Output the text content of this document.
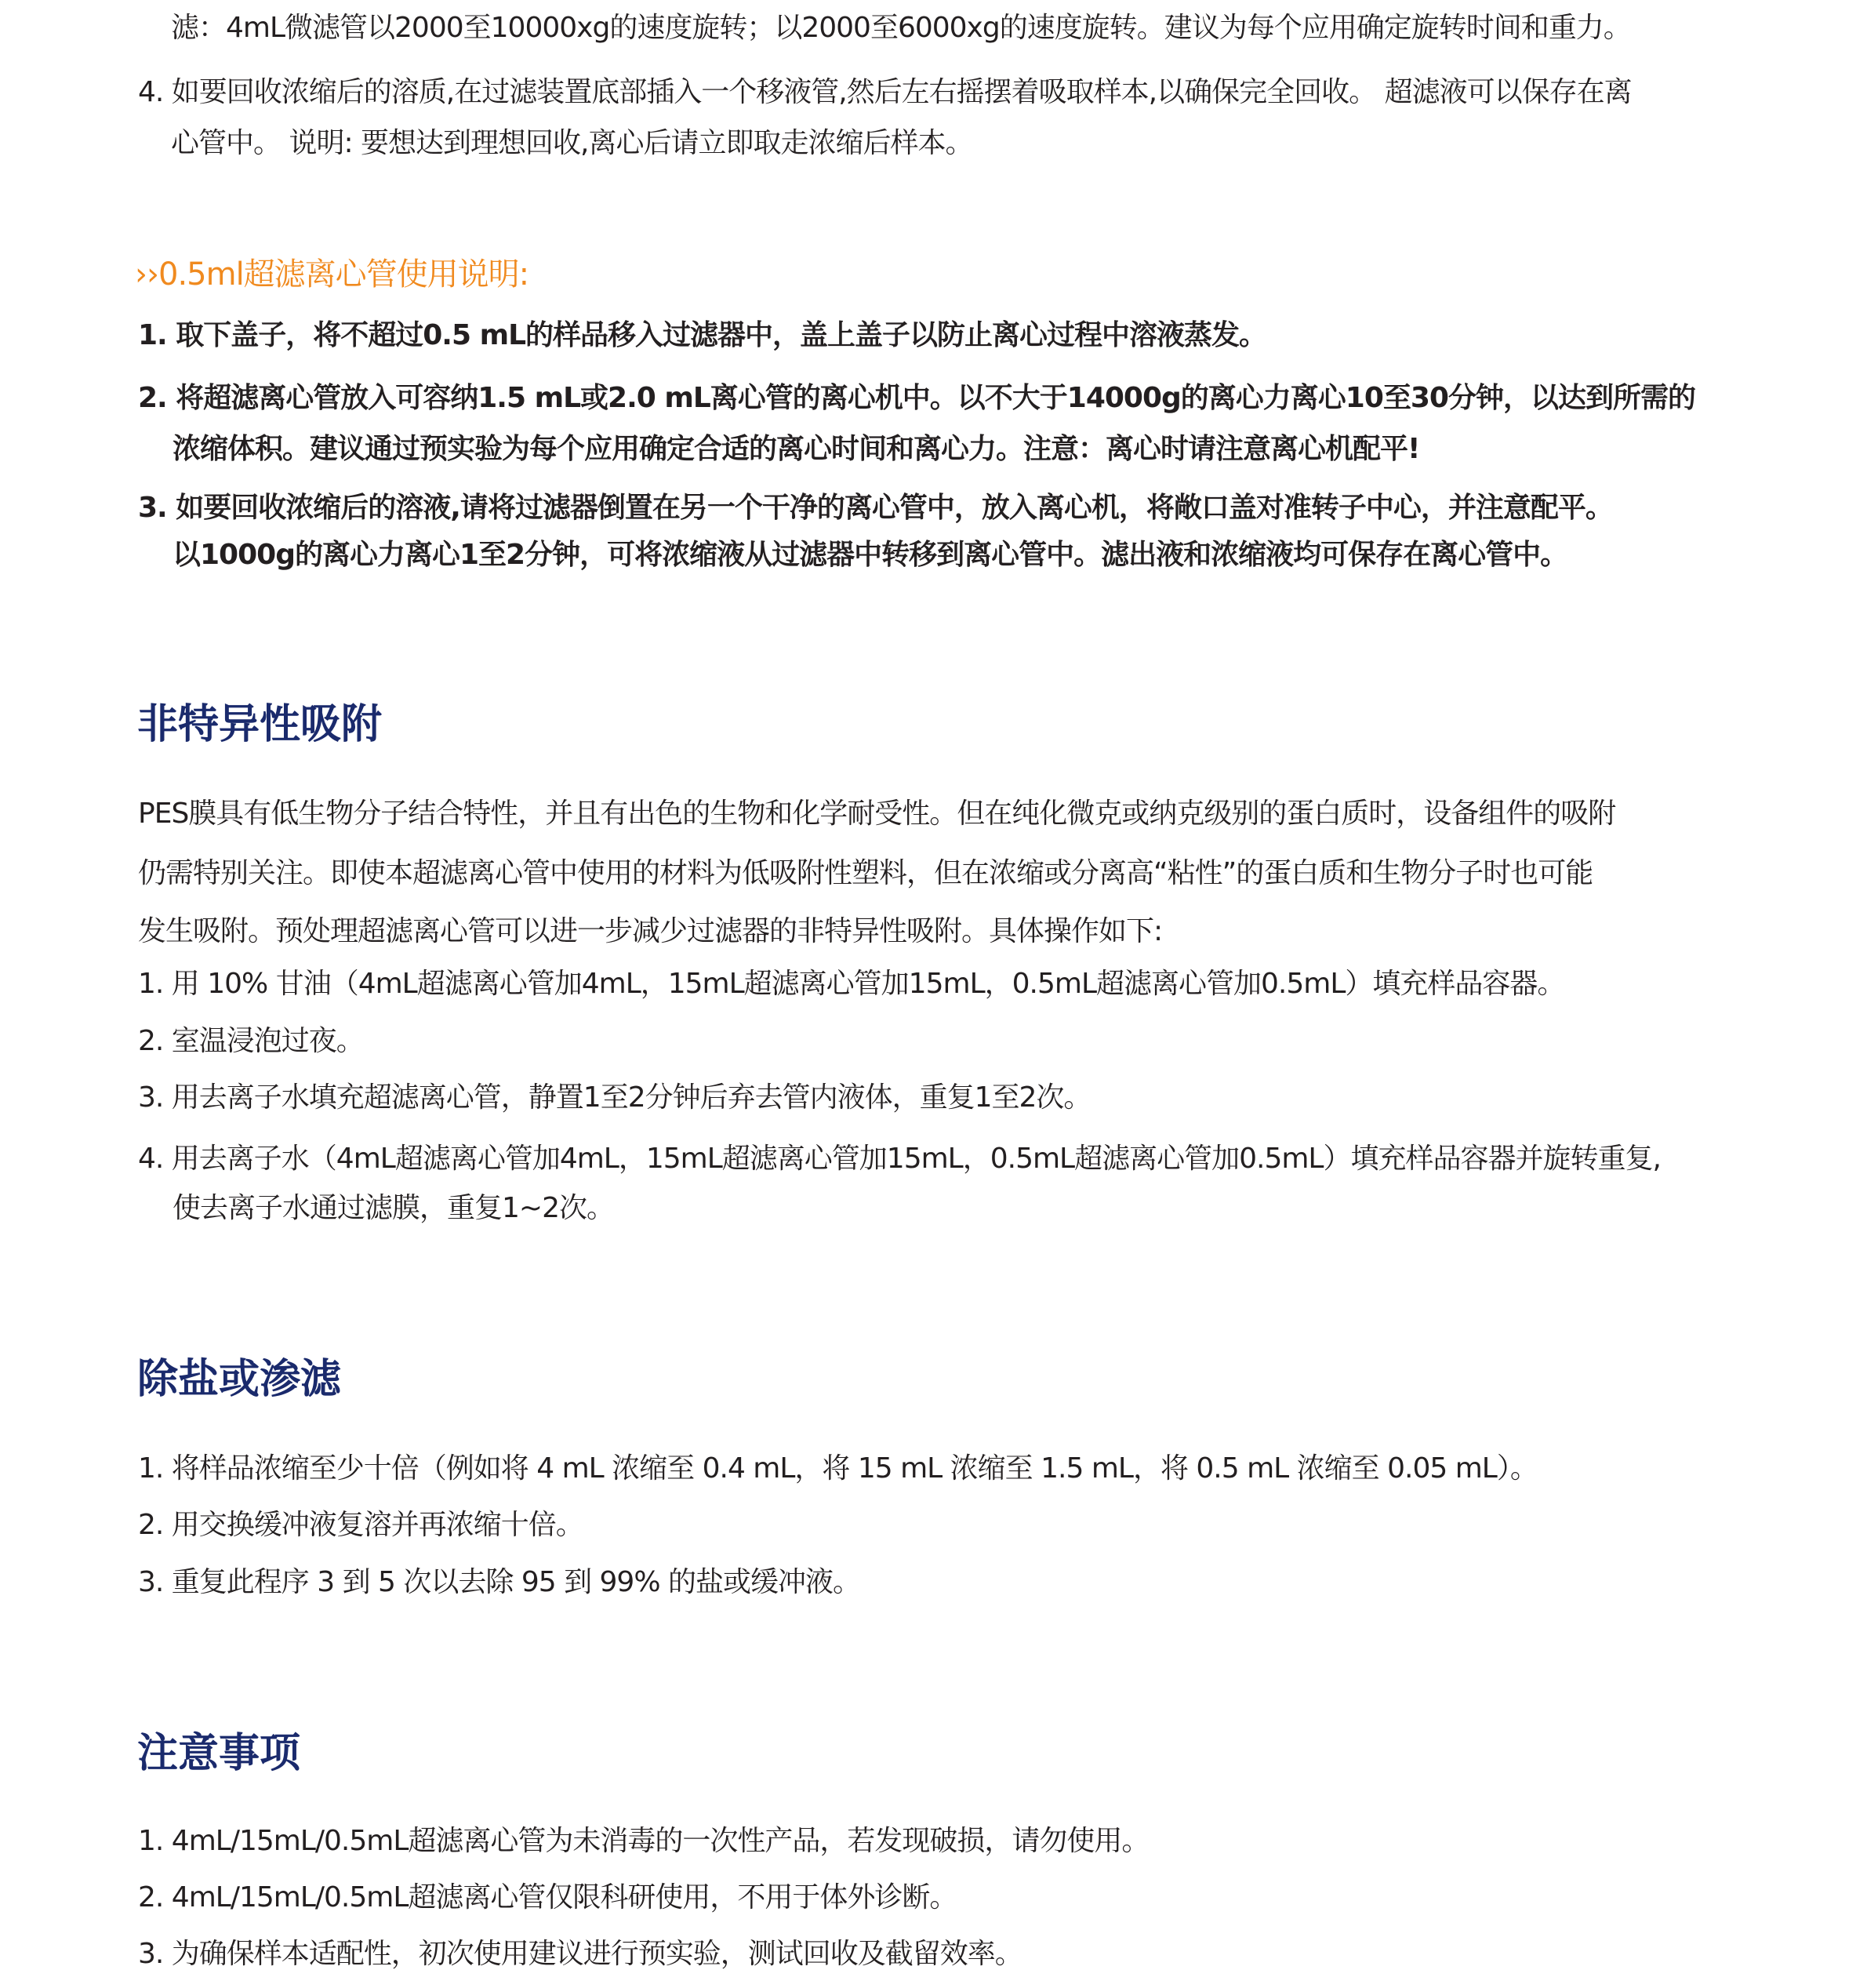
滤：4mL微滤管以2000至10000xg的速度旋转；以2000至6000xg的速度旋转。建议为每个应用确定旋转时间和重力。
4. 如要回收浓缩后的溶质,在过滤装置底部插入一个移液管,然后左右摇摆着吸取样本,以确保完全回收。 超滤液可以保存在离
心管中。 说明: 要想达到理想回收,离心后请立即取走浓缩后样本。
››0.5ml超滤离心管使用说明:
1. 取下盖子，将不超过0.5 mL的样品移入过滤器中，盖上盖子以防止离心过程中溶液蒸发。
2. 将超滤离心管放入可容纳1.5 mL或2.0 mL离心管的离心机中。以不大于14000g的离心力离心10至30分钟，以达到所需的
浓缩体积。建议通过预实验为每个应用确定合适的离心时间和离心力。注意：离心时请注意离心机配平!
3. 如要回收浓缩后的溶液,请将过滤器倒置在另一个干净的离心管中，放入离心机，将敞口盖对准转子中心，并注意配平。
以1000g的离心力离心1至2分钟，可将浓缩液从过滤器中转移到离心管中。滤出液和浓缩液均可保存在离心管中。
非特异性吸附
PES膜具有低生物分子结合特性，并且有出色的生物和化学耐受性。但在纯化微克或纳克级别的蛋白质时，设备组件的吸附
仍需特别关注。即使本超滤离心管中使用的材料为低吸附性塑料，但在浓缩或分离高“粘性”的蛋白质和生物分子时也可能
发生吸附。预处理超滤离心管可以进一步减少过滤器的非特异性吸附。具体操作如下:
1. 用 10% 甘油（4mL超滤离心管加4mL，15mL超滤离心管加15mL，0.5mL超滤离心管加0.5mL）填充样品容器。
2. 室温浸泡过夜。
3. 用去离子水填充超滤离心管，静置1至2分钟后弃去管内液体，重复1至2次。
4. 用去离子水（4mL超滤离心管加4mL，15mL超滤离心管加15mL，0.5mL超滤离心管加0.5mL）填充样品容器并旋转重复,
使去离子水通过滤膜，重复1~2次。
除盐或渗滤
1. 将样品浓缩至少十倍（例如将 4 mL 浓缩至 0.4 mL，将 15 mL 浓缩至 1.5 mL，将 0.5 mL 浓缩至 0.05 mL）。
2. 用交换缓冲液复溶并再浓缩十倍。
3. 重复此程序 3 到 5 次以去除 95 到 99% 的盐或缓冲液。
注意事项
1. 4mL/15mL/0.5mL超滤离心管为未消毒的一次性产品，若发现破损，请勿使用。
2. 4mL/15mL/0.5mL超滤离心管仅限科研使用，不用于体外诊断。
3. 为确保样本适配性，初次使用建议进行预实验，测试回收及截留效率。
